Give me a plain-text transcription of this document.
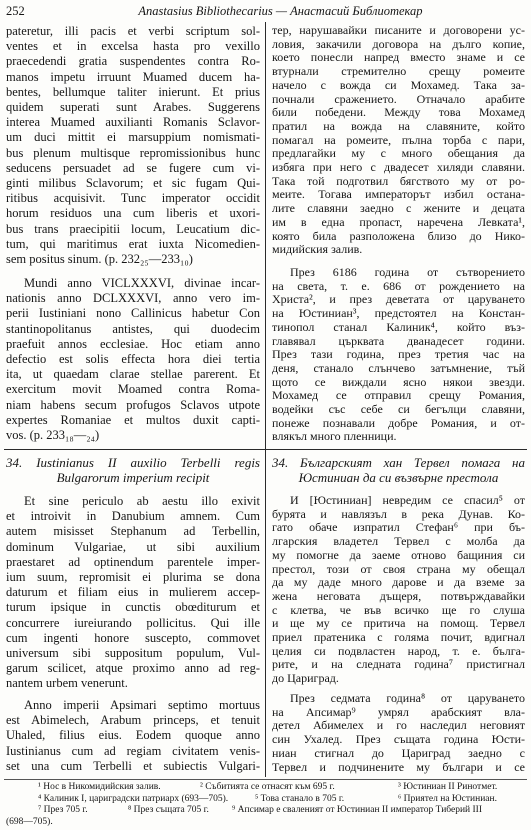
252	Anastasius Bibliothecarius — Анастасий Библиотекар
pateretur, illi pacis et verbi scriptum sol-
ventes et in excelsa hasta pro vexillo
praecedendi gratia suspendentes contra Ro-
manos impetu irruunt Muamed ducem ha-
bentes, bellumque taliter inierunt. Et prius
quidem superati sunt Arabes. Suggerens
interea Muamed auxilianti Romanis Sclavor-
um duci mittit ei marsuppium nomismati-
bus plenum multisque repromissionibus hunc
seducens persuadet ad se fugere cum vi-
ginti milibus Sclavorum; et sic fugam Qui-
ritibus acquisivit. Tunc imperator occidit
horum residuos una cum liberis et uxori-
bus trans praecipitii locum, Leucatium dic-
tum, qui maritimus erat iuxta Nicomedien-
sem positus sinum. (p. 232₂₅—233₁₀)
Mundi anno VICLXXXVI, divinae incar-
nationis anno DCLXXXVI, anno vero im-
perii Iustiniani nono Callinicus habetur Con
stantinopolitanus antistes, qui duodecim
praefuit annos ecclesiae. Hoc etiam anno
defectio est solis effecta hora diei tertia
ita, ut quaedam clarae stellae parerent. Et
exercitum movit Moamed contra Roma-
niam habens secum profugos Sclavos utpote
expertes Romaniae et multos duxit capti-
vos. (p. 233₁₈—₂₄)
тер, нарушавайки писаните и договорени ус-
ловия, закачили договора на дълго копие,
което понесли напред вместо знаме и се
втурнали стремително срещу ромеите
начело с вожда си Мохамед. Така за-
почнали сражението. Отначало арабите
били победени. Между това Мохамед
пратил на вожда на славяните, който
помагал на ромеите, пълна торба с пари,
предлагайки му с много обещания да
избяга при него с двадесет хиляди славяни.
Така той подготвил бягството му от ро-
меите. Тогава императорът избил остана-
лите славяни заедно с жените и децата
им в една пропаст, наречена Левката¹,
която била разположена близо до Нико-
мидийския залив.
През 6186 година от сътворението
на света, т. е. 686 от рождението на
Христа², и през деветата от царуването
на Юстиниан³, предстоятел на Констан-
тинопол станал Калиник⁴, който въз-
главявал църквата дванадесет години.
През тази година, през третия час на
деня, станало слънчево затъмнение, тъй
щото се виждали ясно някои звезди.
Мохамед се отправил срещу Романия,
водейки със себе си бегълци славяни,
понеже познавали добре Романия, и от-
влякъл много пленници.
34. Iustinianus II auxilio Terbelli regis
Bulgarorum imperium recipit
34. Българският хан Тервел помага на
Юстиниан да си възвърне престола
Et sine periculo ab aestu illo exivit
et introivit in Danubium amnem. Cum
autem misisset Stephanum ad Terbellin,
dominum Vulgariae, ut sibi auxilium
praestaret ad optinendum parentele imper-
ium suum, repromisit ei plurima se dona
daturum et filiam eius in mulierem accep-
turum ipsique in cunctis obœditurum et
concurrere iureiurando pollicitus. Qui ille
cum ingenti honore suscepto, commovet
universum sibi suppositum populum, Vul-
garum scilicet, atque proximo anno ad reg-
nantem urbem venerunt.
Anno imperii Apsimari septimo mortuus
est Abimelech, Arabum princeps, et tenuit
Uhaled, filius eius. Eodem quoque anno
Iustinianus cum ad regiam civitatem venis-
set una cum Terbelli et subiectis Vulgari-
И [Юстиниан] невредим се спасил⁵ от
бурята и навлязъл в река Дунав. Ко-
гато обаче изпратил Стефан⁶ при бъ-
лгарския владетел Тервел с молба да
му помогне да заеме отново бащиния си
престол, този от своя страна му обещал
да му даде много дарове и да вземе за
жена неговата дъщеря, потвърждавайки
с клетва, че във всичко ще го слуша
и ще му се притича на помощ. Тервел
приел пратеника с голяма почит, вдигнал
целия си подвластен народ, т. е. бълга-
рите, и на следната година⁷ пристигнал
до Цариград.
През седмата година⁸ от царуването
на Апсимар⁹ умрял арабският вла-
детел Абимелех и го наследил неговият
син Ухалед. През същата година Юсти-
ниан стигнал до Цариград заедно с
Тервел и подчинените му българи и се
¹ Нос в Никомидийския залив.	² Събитията се отнасят към 695 г.	³ Юстиниан II Ринотмет.
⁴ Калиник I, цариградски патриарх (693—705).	⁵ Това станало в 705 г.	⁶ Приятел на Юстиниан.
⁷ През 705 г.	⁸ През същата 705 г. ⁹ Апсимар е сваленият от Юстиниан II император Тиберий III
(698—705).
